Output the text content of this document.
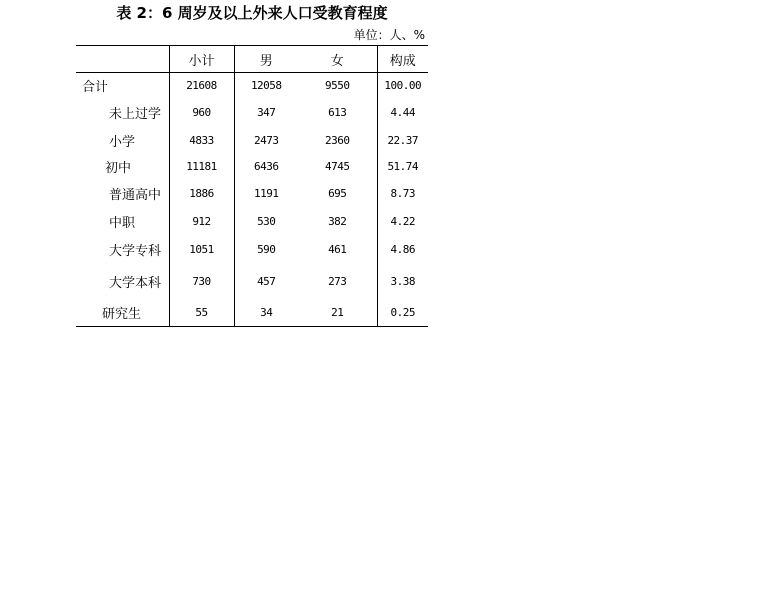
表 2：6 周岁及以上外来人口受教育程度
单位：人、%
	小计	男	女	构成
合计	21608	12058	9550	100.00
未上过学	960	347	613	4.44
小学	4833	2473	2360	22.37
初中	11181	6436	4745	51.74
普通高中	1886	1191	695	8.73
中职	912	530	382	4.22
大学专科	1051	590	461	4.86
大学本科	730	457	273	3.38
研究生	55	34	21	0.25
